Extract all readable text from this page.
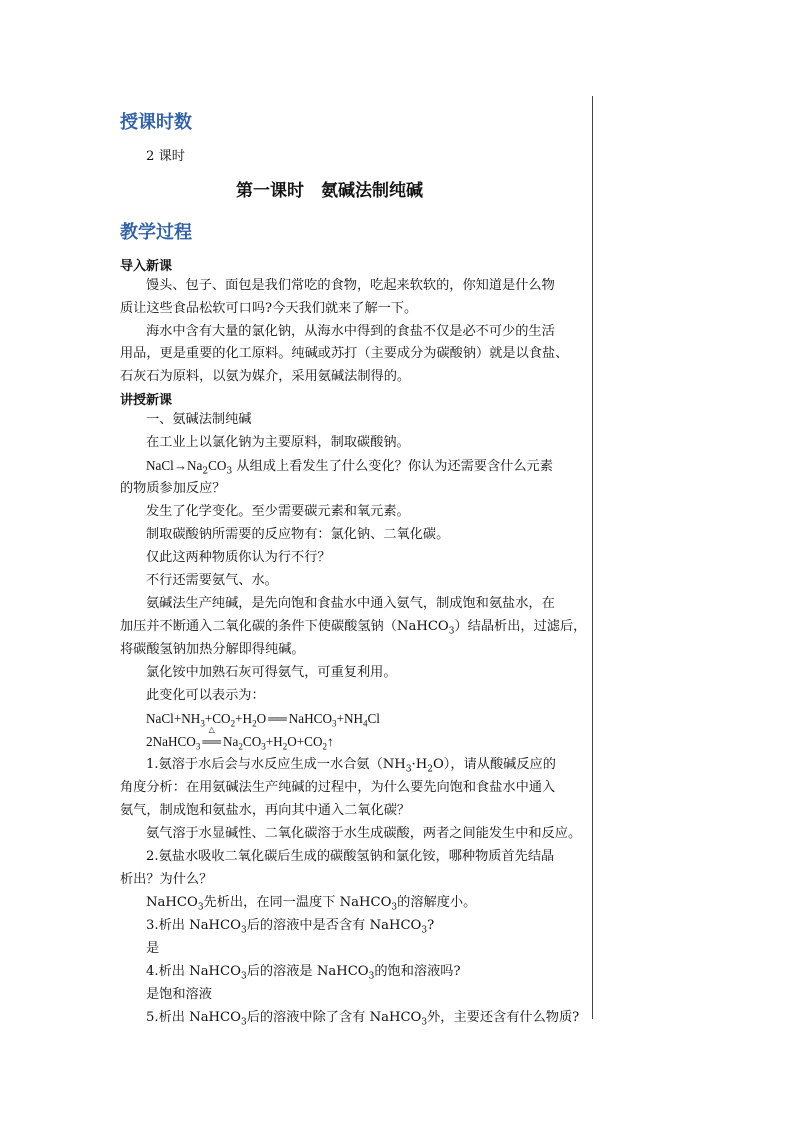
授课时数
2 课时
第一课时　氨碱法制纯碱
教学过程
导入新课
馒头、包子、面包是我们常吃的食物，吃起来软软的，你知道是什么物
质让这些食品松软可口吗?今天我们就来了解一下。
海水中含有大量的氯化钠，从海水中得到的食盐不仅是必不可少的生活
用品，更是重要的化工原料。纯碱或苏打（主要成分为碳酸钠）就是以食盐、
石灰石为原料，以氨为媒介，采用氨碱法制得的。
讲授新课
一、氨碱法制纯碱
在工业上以氯化钠为主要原料，制取碳酸钠。
$NaCl\to Na_2CO_3$ 从组成上看发生了什么变化？你认为还需要含什么元素
的物质参加反应？
发生了化学变化。至少需要碳元素和氧元素。
制取碳酸钠所需要的反应物有：氯化钠、二氧化碳。
仅此这两种物质你认为行不行？
不行还需要氨气、水。
氨碱法生产纯碱，是先向饱和食盐水中通入氨气，制成饱和氨盐水，在
加压并不断通入二氧化碳的条件下使碳酸氢钠（NaHCO$_3$）结晶析出，过滤后，
将碳酸氢钠加热分解即得纯碱。
氯化铵中加熟石灰可得氨气，可重复利用。
此变化可以表示为：
$NaCl+NH_3+CO_2+H_2O$ ══ $NaHCO_3+NH_4Cl$
2NaHCO$_3$
△
══ $Na_2CO_3+H_2O+CO_2↑$
1.氨溶于水后会与水反应生成一水合氨$(NH_3\cdot H_2O)$，请从酸碱反应的
角度分析：在用氨碱法生产纯碱的过程中，为什么要先向饱和食盐水中通入
氨气，制成饱和氨盐水，再向其中通入二氧化碳？
氨气溶于水显碱性、二氧化碳溶于水生成碳酸，两者之间能发生中和反应。
2.氨盐水吸收二氧化碳后生成的碳酸氢钠和氯化铵，哪种物质首先结晶
析出？为什么？
NaHCO$_3$先析出，在同一温度下 NaHCO$_3$的溶解度小。
3.析出 NaHCO$_3$后的溶液中是否含有 NaHCO$_3$?
是
4.析出 NaHCO$_3$后的溶液是 NaHCO$_3$的饱和溶液吗?
是饱和溶液
5.析出 NaHCO$_3$后的溶液中除了含有 NaHCO$_3$外，主要还含有什么物质?
